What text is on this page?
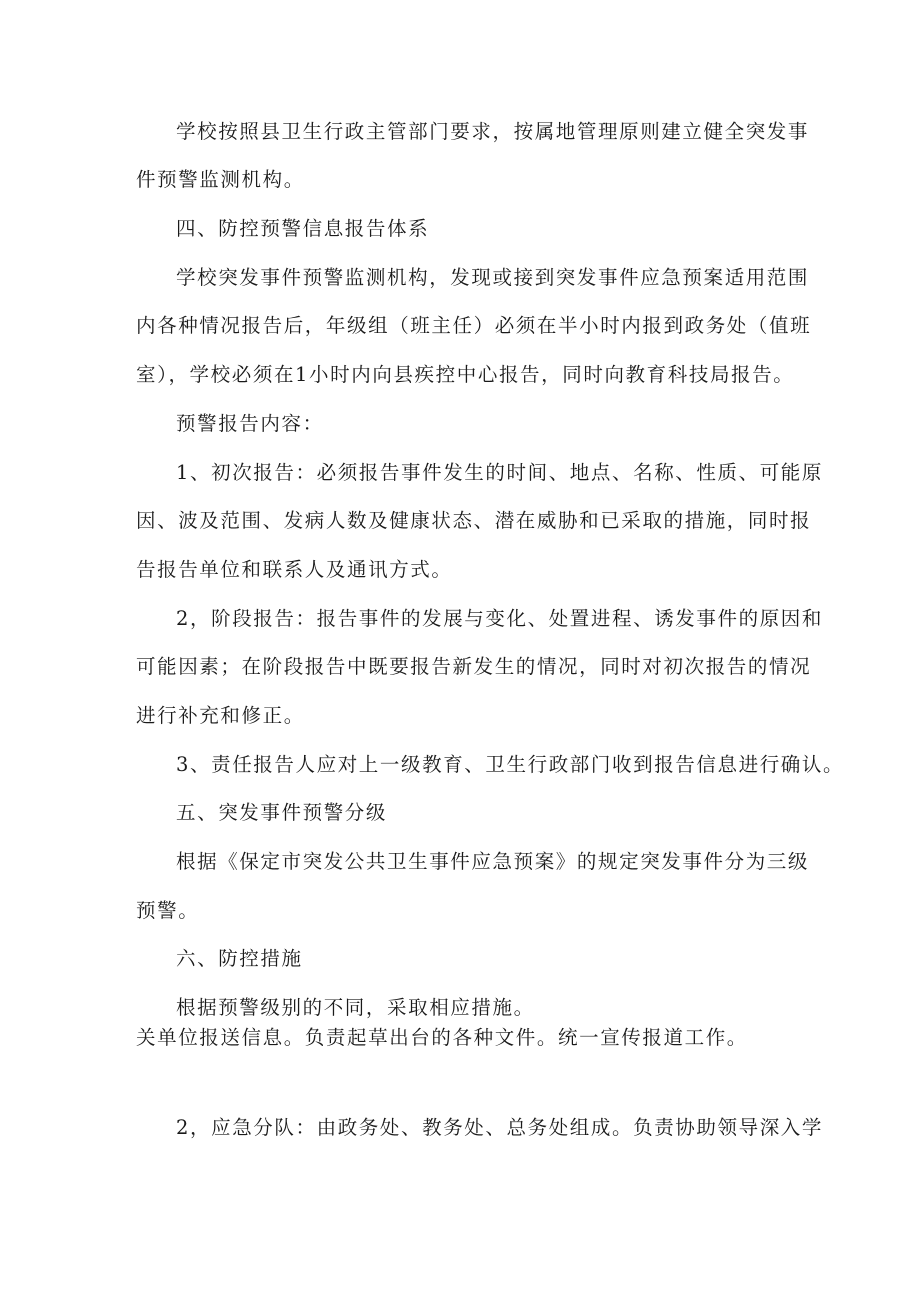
学校按照县卫生行政主管部门要求，按属地管理原则建立健全突发事
件预警监测机构。
四、防控预警信息报告体系
学校突发事件预警监测机构，发现或接到突发事件应急预案适用范围
内各种情况报告后，年级组（班主任）必须在半小时内报到政务处（值班
室），学校必须在1小时内向县疾控中心报告，同时向教育科技局报告。
预警报告内容：
1、初次报告：必须报告事件发生的时间、地点、名称、性质、可能原
因、波及范围、发病人数及健康状态、潜在威胁和已采取的措施，同时报
告报告单位和联系人及通讯方式。
2，阶段报告：报告事件的发展与变化、处置进程、诱发事件的原因和
可能因素；在阶段报告中既要报告新发生的情况，同时对初次报告的情况
进行补充和修正。
3、责任报告人应对上一级教育、卫生行政部门收到报告信息进行确认。
五、突发事件预警分级
根据《保定市突发公共卫生事件应急预案》的规定突发事件分为三级
预警。
六、防控措施
根据预警级别的不同，采取相应措施。
关单位报送信息。负责起草出台的各种文件。统一宣传报道工作。
2，应急分队：由政务处、教务处、总务处组成。负责协助领导深入学
